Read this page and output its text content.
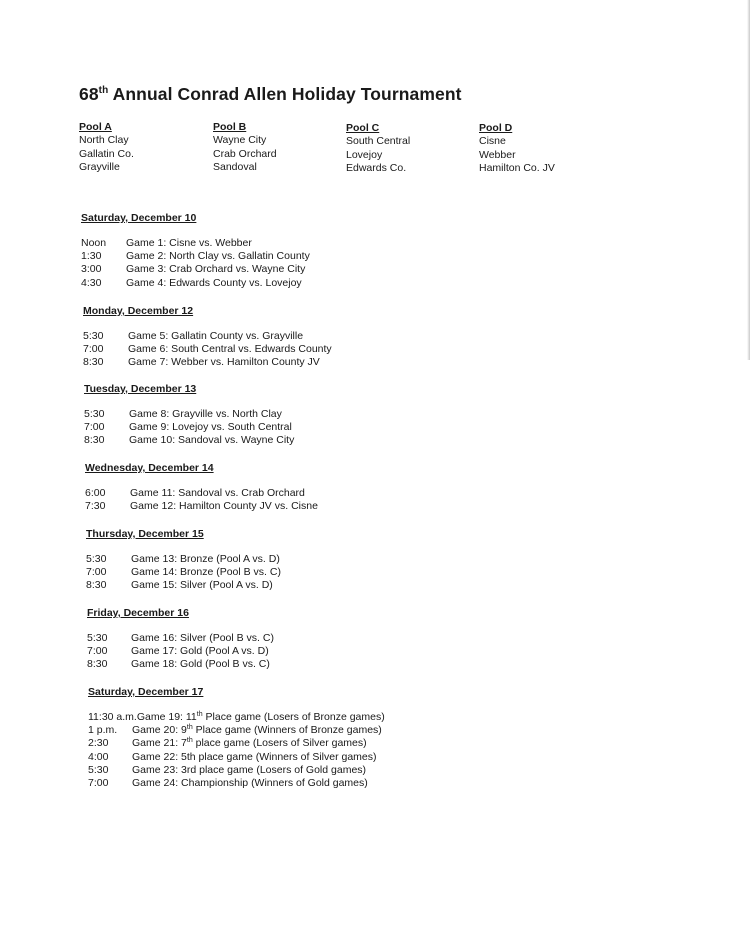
68th Annual Conrad Allen Holiday Tournament
Pool A
North Clay
Gallatin Co.
Grayville
Pool B
Wayne City
Crab Orchard
Sandoval
Pool C
South Central
Lovejoy
Edwards Co.
Pool D
Cisne
Webber
Hamilton Co. JV
Saturday, December 10
Noon	Game 1: Cisne vs. Webber
1:30	Game 2: North Clay vs. Gallatin County
3:00	Game 3: Crab Orchard vs. Wayne City
4:30	Game 4: Edwards County vs. Lovejoy
Monday, December 12
5:30	Game 5: Gallatin County vs. Grayville
7:00	Game 6: South Central vs. Edwards County
8:30	Game 7: Webber vs. Hamilton County JV
Tuesday, December 13
5:30	Game 8: Grayville vs. North Clay
7:00	Game 9: Lovejoy vs. South Central
8:30	Game 10: Sandoval vs. Wayne City
Wednesday, December 14
6:00	Game 11: Sandoval vs. Crab Orchard
7:30	Game 12: Hamilton County JV vs. Cisne
Thursday, December 15
5:30	Game 13: Bronze (Pool A vs. D)
7:00	Game 14: Bronze (Pool B vs. C)
8:30	Game 15: Silver (Pool A vs. D)
Friday, December 16
5:30	Game 16: Silver (Pool B vs. C)
7:00	Game 17: Gold (Pool A vs. D)
8:30	Game 18: Gold (Pool B vs. C)
Saturday, December 17
11:30 a.m. Game 19: 11th Place game (Losers of Bronze games)
1 p.m.	Game 20: 9th Place game (Winners of Bronze games)
2:30	Game 21: 7th place game (Losers of Silver games)
4:00	Game 22: 5th place game (Winners of Silver games)
5:30	Game 23: 3rd place game (Losers of Gold games)
7:00	Game 24: Championship (Winners of Gold games)
